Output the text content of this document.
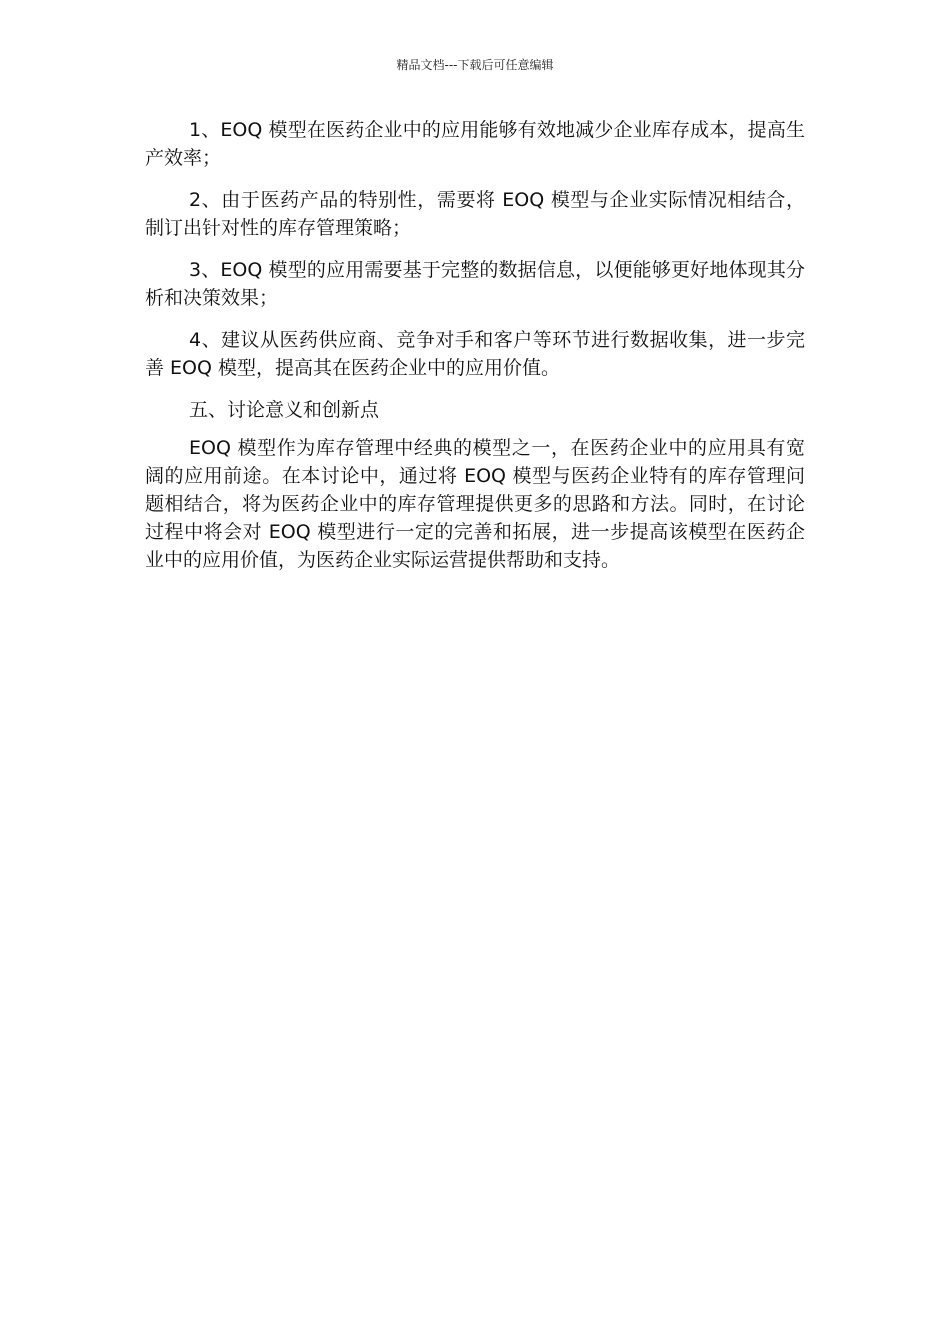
精品文档---下载后可任意编辑

1、EOQ 模型在医药企业中的应用能够有效地减少企业库存成本，提高生产效率；

2、由于医药产品的特别性，需要将 EOQ 模型与企业实际情况相结合，制订出针对性的库存管理策略；

3、EOQ 模型的应用需要基于完整的数据信息，以便能够更好地体现其分析和决策效果；

4、建议从医药供应商、竞争对手和客户等环节进行数据收集，进一步完善 EOQ 模型，提高其在医药企业中的应用价值。

五、讨论意义和创新点

EOQ 模型作为库存管理中经典的模型之一，在医药企业中的应用具有宽阔的应用前途。在本讨论中，通过将 EOQ 模型与医药企业特有的库存管理问题相结合，将为医药企业中的库存管理提供更多的思路和方法。同时，在讨论过程中将会对 EOQ 模型进行一定的完善和拓展，进一步提高该模型在医药企业中的应用价值，为医药企业实际运营提供帮助和支持。
